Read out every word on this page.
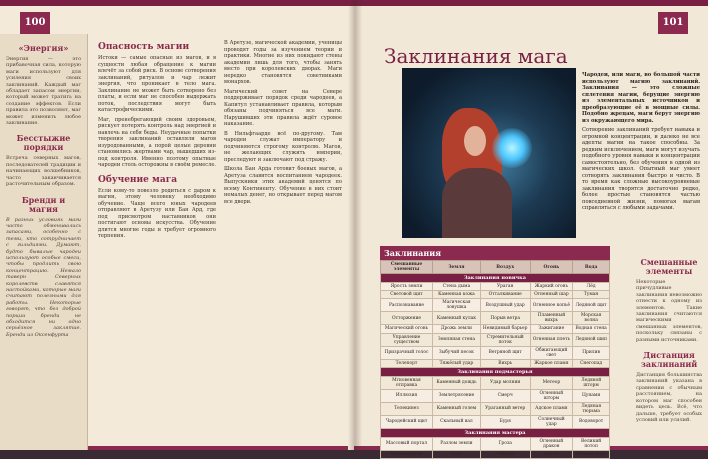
100
«Энергия»
Энергия — это прибавочная сила, которую маги используют для усиления своих заклинаний. Каждый маг обладает запасом энергии, который может тратить на создание эффектов. Если правила это позволяют, маг может изменить любое заклинание.
Бесстыжие порядки
Встреча северных магов, последователей традиции и начинающих волшебников, часто заканчивается расточительным образом.
Бренди и магия
В разных условиях маги часто обменивались запасами, особенно с теми, кто сотрудничает с гильдиями. Думают, будто бывалые чародеи используют особые смеси, чтобы продлить свою концентрацию. Немало таверн Северных королевств славятся настойками, которые маги считают полезными для работы. Некоторые говорят, что без доброй порции бренди не обходится ни одно серьёзное заклятие. Бренди из Оксенфурта
Опасность магии

Истоки — самые опасные из магов, и в сущности любая обращение к магии влечёт за собой риск. В основе сотворения заклинаний, ритуалов и чар лежит энергия, что проникает в тело мага. Заклинание не может быть сотворено без платы, и если маг не способен выдержать поток, последствия могут быть катастрофическими.

Маг, пренебрегающий своим здоровьем, рискует потерять контроль над энергией и навлечь на себя беды. Неудачные попытки творения заклинаний оставляли магов изуродованными, а порой целые деревни становились жертвами чар, вышедших из-под контроля. Именно поэтому опытные чародеи столь осторожны в своём ремесле.

Обучение мага

Если кому-то повезло родиться с даром к магии, этому человеку необходимо обучение. Чаще всего юных чародеев отправляют в Аретузу или Бан Ард, где под присмотром наставников они постигают основы искусства. Обучение длится многие годы и требует огромного терпения.

В Аретузе, магической академии, ученицы проводят годы за изучением теории и практики. Многие из них покидают стены академии лишь для того, чтобы занять место при королевских дворах. Маги нередко становятся советниками монархов.

Магический совет на Севере поддерживает порядок среди чародеев, а Капитул устанавливает правила, которым обязаны подчиняться все маги. Нарушивших эти правила ждёт суровое наказание.

В Нильфгаарде всё по-другому. Там чародеи служат императору и подчиняются строгому контролю. Магов, не желающих служить империи, преследуют и заключают под стражу.

Школа Бан Арда готовит боевых магов, а Аретуза славится воспитанием чародеек. Выпускники этих академий ценятся по всему Континенту. Обучение в них стоит немалых денег, но открывает перед магом все двери.

101
Заклинания мага

Чародеи, или маги, во большой части используют магию заклинаний. Заклинания — это сложные сплетения магии, берущие энергию из элементальных источников и преобразующие её в мощные силы. Подобно жрецам, маги берут энергию из окружающего мира.

Сотворение заклинаний требует навыка и огромной концентрации, и далеко не все адепты магии на такое способны. За редким исключением, маги могут изучать подобного уровня навыки и концентрации самостоятельно, без обучения в одной из магических школ. Опытный маг умеет сотворять заклинания быстро и чисто. В то время как сложные высокоуровневые заклинания творятся достаточно редко, более простые становятся частью повседневной жизни, помогая магам справляться с любыми задачами.

Смешанные элементы
Некоторые причудливые заклинания невозможно отнести к одному из элементов. Такие заклинания считаются магическими смешанных элементов, поскольку связаны с разными источниками.
Дистанция заклинаний
Дистанция большинства заклинаний указана в сравнении с обычным расстоянием, на котором маг способен видеть цель. Всё, что дальше, требует особых условий или усилий.
Заклинания
Смешанные элементы	Земля	Воздух	Огонь	Вода
Заклинания новичка				
Ярость земли	Стена дыма	Ураган	Жаркий огонь	Лёд
Световой щит	Каменная кожа	Отталкивание	Огненный шар	Туман
Распознавание	Магическая ловушка	Воздушный удар	Огненное копьё	Ледяной щит
Отторжение	Каменный кулак	Порыв ветра	Пламенный вихрь	Морская волна
Магический огонь	Дрожь земли	Невидимый барьер	Зажигание	Водная стена
Управление существом	Земляная стена	Стремительный поток	Огненная плеть	Ледяной шип
Призрачный голос	Зыбучий песок	Ветряной щит	Обжигающий свет	Прилив
Телепорт	Тяжёлый удар	Вихрь	Жаркое пламя	Снегопад
Заклинания подмастерья				
Мгновенная отправка	Каменный дождь	Удар молнии	Метеор	Ледяной шторм
Иллюзия	Землетрясение	Смерч	Огненный шторм	Цунами
Телекинез	Каменный голем	Ураганный ветер	Адское пламя	Ледяная тюрьма
Чародейский щит	Скальный вал	Буря	Солнечный удар	Водоворот
Заклинания мастера				
Массовый портал	Разлом земли	Гроза	Огненный дракон	Великий потоп
Метаморфоза	Гора	Тайфун	Пекло	Вечная зима
